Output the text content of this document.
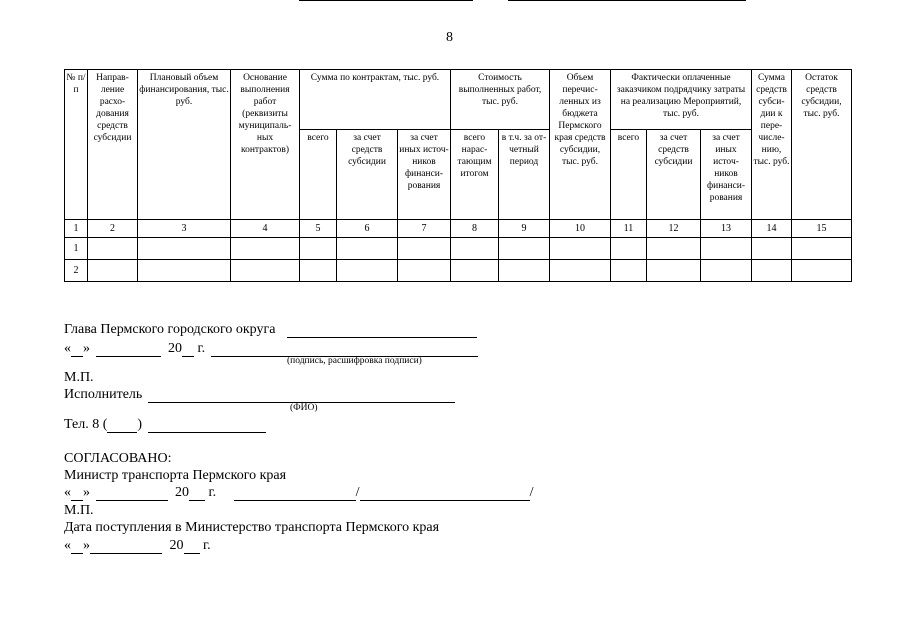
8
№ п/п	Направ-ление расхо-дования средств субсидии	Плановый объем финансирования, тыс. руб.	Основание выполнения работ (реквизиты муниципаль-ных контрактов)	Сумма по контрактам, тыс. руб.			Стоимость выполненных работ, тыс. руб.		Объем перечис-ленных из бюджета Пермского края средств субсидии, тыс. руб.	Фактически оплаченные заказчиком подрядчику затраты на реализацию Мероприятий, тыс. руб.			Сумма средств субси-дии к пере-числе-нию, тыс. руб.	Остаток средств субсидии, тыс. руб.
				всего	за счет средств субсидии	за счет иных источ-ников финанси-рования	всего нарас-тающим итогом	в т.ч. за от-четный период		всего	за счет средств субсидии	за счет иных источ-ников финанси-рования		
1	2	3	4	5	6	7	8	9	10	11	12	13	14	15
1														
2														
Глава Пермского городского округа
« »	20 г.
(подпись, расшифровка подписи)
М.П.
Исполнитель
(ФИО)
Тел. 8 ( )
СОГЛАСОВАНО:
Министр транспорта Пермского края
« »	20 г.	/	/
М.П.
Дата поступления в Министерство транспорта Пермского края
« »	20 г.
